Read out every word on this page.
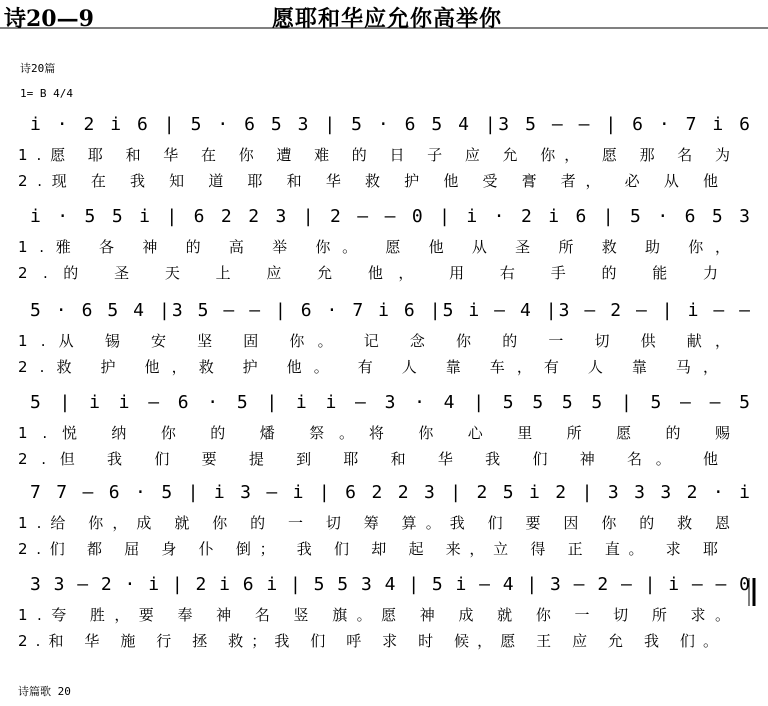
诗20—9	愿耶和华应允你高举你
诗20篇
1= B 4/4
i · 2 i 6 | 5 · 6 5 3 | 5 · 6 5 4 |3 5 — — | 6 · 7 i 6
1.愿 耶 和 华 在 你 遭 难 的 日 子 应 允 你， 愿 那 名 为
2.现 在 我 知 道 耶 和 华 救 护 他 受 膏 者， 必 从 他
i · 5 5 i | 6 2 2 3 | 2 — — 0 | i · 2 i 6 | 5 · 6 5 3
1.雅 各 神 的 高 举 你。 愿 他 从 圣 所 救 助 你，
2.的 圣 天 上 应 允 他， 用 右 手 的 能 力
5 · 6 5 4 |3 5 — — | 6 · 7 i 6 |5 i — 4 |3 — 2 — | i — —
1.从 锡 安 坚 固 你。 记 念 你 的 一 切 供 献，
2.救 护 他，救 护 他。 有 人 靠 车，有 人 靠 马，
5 | i i — 6 · 5 | i i — 3 · 4 | 5 5 5 5 | 5 — — 5
1.悦 纳 你 的 燔 祭。将 你 心 里 所 愿 的 赐
2.但 我 们 要 提 到 耶 和 华 我 们 神 名。 他
7 7 — 6 · 5 | i 3 — i | 6 2 2 3 | 2 5 i 2 | 3 3 3 2 · i
1.给 你，成 就 你 的 一 切 筹 算。我 们 要 因 你 的 救 恩
2.们 都 屈 身 仆 倒； 我 们 却 起 来，立 得 正 直。 求 耶
3 3 — 2 · i | 2 i 6 i | 5 5 3 4 | 5 i — 4 | 3 — 2 — | i — — 0
1.夸 胜，要 奉 神 名 竖 旗。愿 神 成 就 你 一 切 所 求。
2.和 华 施 行 拯 救；我 们 呼 求 时 候，愿 王 应 允 我 们。
诗篇歌 20
